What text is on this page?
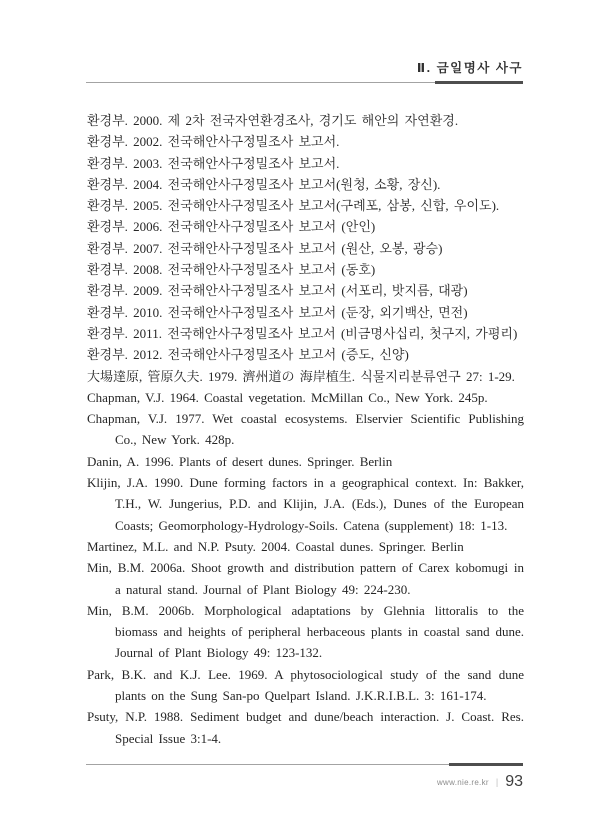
Ⅱ. 금일명사 사구

환경부. 2000. 제 2차 전국자연환경조사, 경기도 해안의 자연환경.

환경부. 2002. 전국해안사구정밀조사 보고서.

환경부. 2003. 전국해안사구정밀조사 보고서.

환경부. 2004. 전국해안사구정밀조사 보고서(원청, 소황, 장신).

환경부. 2005. 전국해안사구정밀조사 보고서(구례포, 삼봉, 신합, 우이도).

환경부. 2006. 전국해안사구정밀조사 보고서 (안인)

환경부. 2007. 전국해안사구정밀조사 보고서 (원산, 오봉, 광승)

환경부. 2008. 전국해안사구정밀조사 보고서 (동호)

환경부. 2009. 전국해안사구정밀조사 보고서 (서포리, 밧지름, 대광)

환경부. 2010. 전국해안사구정밀조사 보고서 (둔장, 외기백산, 면전)

환경부. 2011. 전국해안사구정밀조사 보고서 (비금명사십리, 첫구지, 가평리)

환경부. 2012. 전국해안사구정밀조사 보고서 (증도, 신양)

大場達原, 管原久夫. 1979. 濟州道の 海岸植生. 식물지리분류연구 27: 1-29.

Chapman, V.J. 1964. Coastal vegetation. McMillan Co., New York. 245p.

Chapman, V.J. 1977. Wet coastal ecosystems. Elservier Scientific Publishing Co., New York. 428p.

Danin, A. 1996. Plants of desert dunes. Springer. Berlin

Klijin, J.A. 1990. Dune forming factors in a geographical context. In: Bakker, T.H., W. Jungerius, P.D. and Klijin, J.A. (Eds.), Dunes of the European Coasts; Geomorphology-Hydrology-Soils. Catena (supplement) 18: 1-13.

Martinez, M.L. and N.P. Psuty. 2004. Coastal dunes. Springer. Berlin

Min, B.M. 2006a. Shoot growth and distribution pattern of Carex kobomugi in a natural stand. Journal of Plant Biology 49: 224-230.

Min, B.M. 2006b. Morphological adaptations by Glehnia littoralis to the biomass and heights of peripheral herbaceous plants in coastal sand dune. Journal of Plant Biology 49: 123-132.

Park, B.K. and K.J. Lee. 1969. A phytosociological study of the sand dune plants on the Sung San-po Quelpart Island. J.K.R.I.B.L. 3: 161-174.

Psuty, N.P. 1988. Sediment budget and dune/beach interaction. J. Coast. Res. Special Issue 3:1-4.

www.nie.re.kr | 93
